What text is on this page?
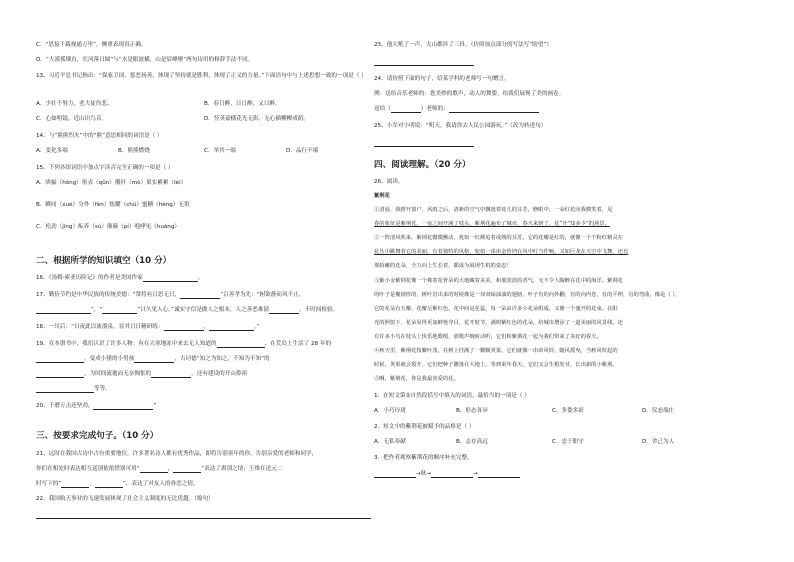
C．“思接千载视通万里”，侧重表现真正确。
D．“大漠孤烟直，长河落日圆”与“水是眼波横，山是眉峰聚”两句诗用的修辞手法不同。
13、习近平总书记指出：“保家卫国、惩恶扬善，体现了坚持就是胜利，体现了正义的力量。”下面语句中与上述思想一致的一项是（ ）
A．少壮不努力，老大徒伤悲。	B．春日醉，日日醉，又日醉。
C．心如明镜，近山识鸟音。	D．竖英豪横花光无影，无心插柳柳成荫。
14、与“熊熊烈火”中的“熊”意思相同的词语是（ ）
A．变化多端	B．熊熊燃烧	C．举其一端	D．品行不端
15、下列各组词语中加点字读音完全正确的一项是（ ）
A．哄骗（hǒng）怄表（qǔn）攥扞（mò）果实累累（léi）
B．瞬间（xué）分外（fèn）炫耀（chū）蜜糖（hèng）无垠
C．松劲（jìng）酝养（sù）颠簸（pí）咆哮见（huáng）
二、根据所学的知识填空（10 分）
16、《汤姆·索亚历险记》的作者是美国作家	。
17、勤俭节约是中华民族的传统美德：“常将有日思无日，	”百善孝为先：“树欲静而风不止，
”，“	”日久见人心。”诚实守信是做人之根本，人之善恶难猜	，不时间检验。
18、一川后：“日夜此以流淌泉，显其日日精研练：	，	。”
19、在本册书中，我们认识了许多人物：有在天寒地冻中来去无人知道的	，在荒岛上生活了 28 年的
，变成小猪的小男孩	，吉诃德“知之为知之，不知为不知”的
，为时间流逝而无奈惆怅的	，还有建设的开山鼻祖
等等。
20、千磨万击还坚劲，	”
三、按要求完成句子。（10 分）
21、远时在我国古诗中占有重要地位，许多著名诗人都有优秀作品，即将告别童年的你，告别亲爱的老师和同学，
你们在相处时表达相互送别依依惜别可用“	，	”表达了离别之情；王维在送元二
时写下的“	，	”，表达了对友人的眷恋之情。
22、我国航天事业的飞速发展体现了社会主义制度的无比优越。（缩句）
23、他大吼了一声，大山都抖了三抖。（仿照加点部分的写法写“盼望”）
24、请仿照下面的句子，给某学科的老师写一句赠言。
例：送给音乐老师的：您美妙的歌声，动人的舞姿，给我们展现了美的画卷。
送给（	）老师的：
25、小军对小明说：“明天，我请你去人民公园游玩。”（改为转述句）
四、阅读理解。（20 分）
26、阅读。
紫荆花
①清晨，我推开窗户，风雨之后，清新的空气中飘逸着花儿的芬芳，睁眼中，一朵红花向我微笑着，见
春的象征是紫荆花，一夜之间开满了枝头，紫荆花遍布了城市，春天来到了，花“开”知多少”的场景。
②一阵清风吹来，紫荆花微微颤动，犹如一红颜追着成熟的芬芳。它的花瓣是红的，就像一个个粉红精灵在
花丛中跳舞着它的美丽，有着独特的风格，宛如一串串金铃铛在风中叮当作响，又如巨龙在天空中飞舞，还有
那娇嫩的花朵，全力向上生长着，都成为展现生机的姿态！
③紫小金紫荆花像一个株着花骨朵的大地藏着美美，和那淡淡的香气，无不令人陶醉在花中的海洋。紫荆花
的叶子是椭圆形的，树叶冒出来的时候像是一双双绿油油的翅膀，叶子有的向外翻，有的向内卷，有的平伸，有的弯曲，像是（ ），
它的花朵有五瓣，花瓣呈紫红色，花中间是花蕊，每一朵由许多小花朵组成，又像一个盛开的花束。在阳
光的照射下，花朵显得更加鲜艳夺目，花开时节，满树紫红色的花朵，给城市增添了一道美丽的风景线，还
有许多小鸟在枝头上快乐地歌唱，那歌声婉转动听，它们和紫荆花一起为我们带来了美好的春天。
④秋天里，紫荆花枝繁叶茂，在树上挂满了一颗颗荚果，它们就像一串串风铃，随风摇曳，当秋风吹起的
时候，荚果就会裂开，它们把种子撒落在大地上，等到来年春天，它们又会生根发芽，长出新的小紫荆。
⑤啊，紫荆花，你是我最喜爱的花。
1．在短文第②自然段括号中填入的词语，最恰当的一项是（ ）
A．小巧玲珑	B．形态各异	C．多姿多彩	D．仪态端庄
2．短文中的紫荆花被赋予的品格是（ ）
A．无私奉献	B．志存高远	C．忠于职守	D．舍己为人
3．把作者观察紫荆花的顺序补充完整。
→秋→	→
